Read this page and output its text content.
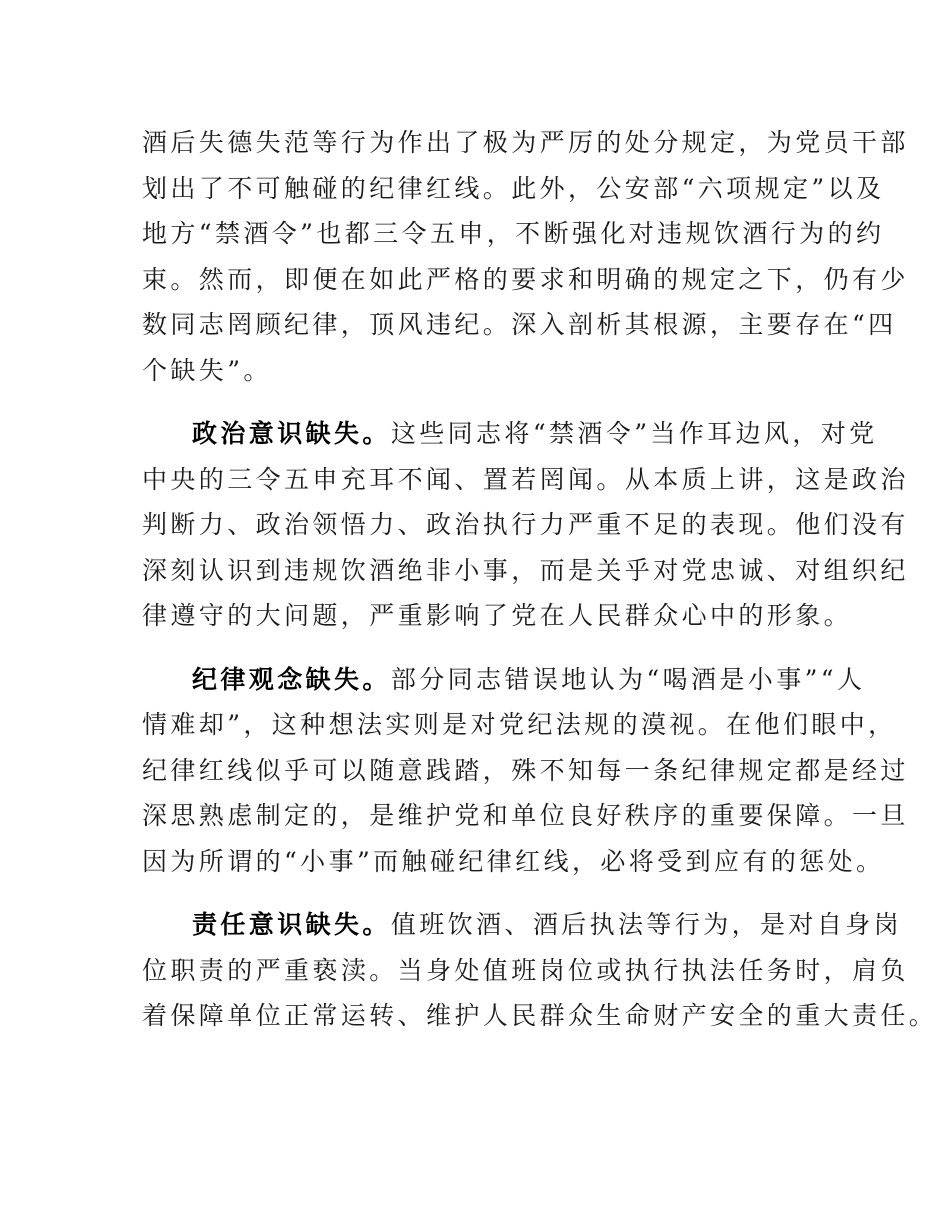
酒后失德失范等行为作出了极为严厉的处分规定，为党员干部
划出了不可触碰的纪律红线。此外，公安部“六项规定”以及
地方“禁酒令”也都三令五申，不断强化对违规饮酒行为的约
束。然而，即便在如此严格的要求和明确的规定之下，仍有少
数同志罔顾纪律，顶风违纪。深入剖析其根源，主要存在“四
个缺失”。
政治意识缺失。这些同志将“禁酒令”当作耳边风，对党
中央的三令五申充耳不闻、置若罔闻。从本质上讲，这是政治
判断力、政治领悟力、政治执行力严重不足的表现。他们没有
深刻认识到违规饮酒绝非小事，而是关乎对党忠诚、对组织纪
律遵守的大问题，严重影响了党在人民群众心中的形象。
纪律观念缺失。部分同志错误地认为“喝酒是小事”“人
情难却”，这种想法实则是对党纪法规的漠视。在他们眼中，
纪律红线似乎可以随意践踏，殊不知每一条纪律规定都是经过
深思熟虑制定的，是维护党和单位良好秩序的重要保障。一旦
因为所谓的“小事”而触碰纪律红线，必将受到应有的惩处。
责任意识缺失。值班饮酒、酒后执法等行为，是对自身岗
位职责的严重亵渎。当身处值班岗位或执行执法任务时，肩负
着保障单位正常运转、维护人民群众生命财产安全的重大责任。
